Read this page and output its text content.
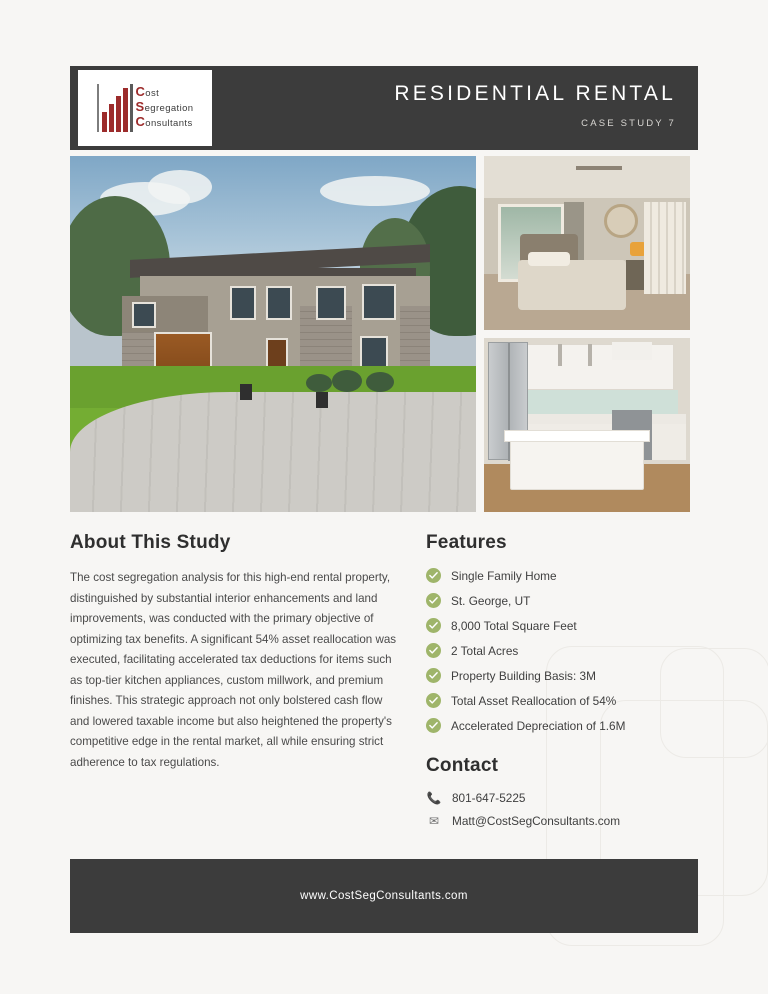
Cost
Segregation
Consultants
RESIDENTIAL RENTAL
CASE STUDY 7
About This Study
The cost segregation analysis for this high-end rental property, distinguished by substantial interior enhancements and land improvements, was conducted with the primary objective of optimizing tax benefits. A significant 54% asset reallocation was executed, facilitating accelerated tax deductions for items such as top-tier kitchen appliances, custom millwork, and premium finishes. This strategic approach not only bolstered cash flow and lowered taxable income but also heightened the property's competitive edge in the rental market, all while ensuring strict adherence to tax regulations.
Features
Single Family Home
St. George, UT
8,000 Total Square Feet
2 Total Acres
Property Building Basis: 3M
Total Asset Reallocation of 54%
Accelerated Depreciation of 1.6M
Contact
📞 801-647-5225
✉ Matt@CostSegConsultants.com
www.CostSegConsultants.com
